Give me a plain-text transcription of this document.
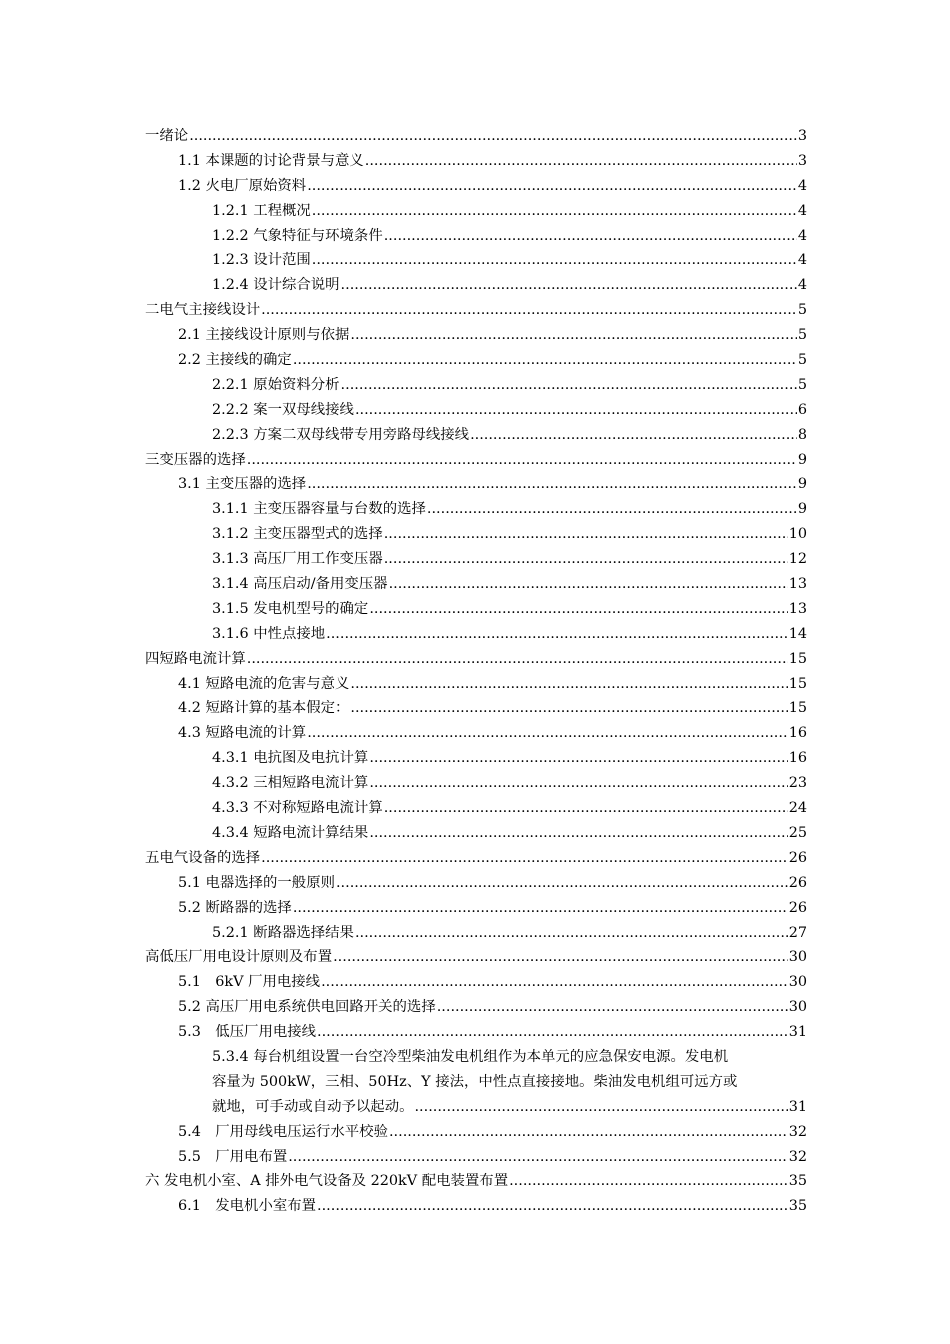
一绪论 .....	3
1.1 本课题的讨论背景与意义 .....	3
1.2 火电厂原始资料 .....	4
1.2.1 工程概况 .....	4
1.2.2 气象特征与环境条件 .....	4
1.2.3 设计范围 .....	4
1.2.4 设计综合说明 .....	4
二电气主接线设计 .....	5
2.1 主接线设计原则与依据 .....	5
2.2 主接线的确定 .....	5
2.2.1 原始资料分析 .....	5
2.2.2 案一双母线接线 .....	6
2.2.3 方案二双母线带专用旁路母线接线 .....	8
三变压器的选择 .....	9
3.1 主变压器的选择 .....	9
3.1.1 主变压器容量与台数的选择 .....	9
3.1.2 主变压器型式的选择 .....	10
3.1.3 高压厂用工作变压器 .....	12
3.1.4 高压启动/备用变压器 .....	13
3.1.5 发电机型号的确定 .....	13
3.1.6 中性点接地 .....	14
四短路电流计算 .....	15
4.1 短路电流的危害与意义 .....	15
4.2 短路计算的基本假定： .....	15
4.3 短路电流的计算 .....	16
4.3.1 电抗图及电抗计算 .....	16
4.3.2 三相短路电流计算 .....	23
4.3.3 不对称短路电流计算 .....	24
4.3.4 短路电流计算结果 .....	25
五电气设备的选择 .....	26
5.1 电器选择的一般原则 .....	26
5.2 断路器的选择 .....	26
5.2.1 断路器选择结果 .....	27
高低压厂用电设计原则及布置 .....	30
5.1　6kV 厂用电接线 .....	30
5.2 高压厂用电系统供电回路开关的选择 .....	30
5.3　低压厂用电接线 .....	31
5.3.4 每台机组设置一台空冷型柴油发电机组作为本单元的应急保安电源。发电机
容量为 500kW，三相、50Hz、Y 接法，中性点直接接地。柴油发电机组可远方或
就地，可手动或自动予以起动。 .....	31
5.4　厂用母线电压运行水平校验 .....	32
5.5　厂用电布置 .....	32
六 发电机小室、A 排外电气设备及 220kV 配电装置布置 .....	35
6.1　发电机小室布置 .....	35
